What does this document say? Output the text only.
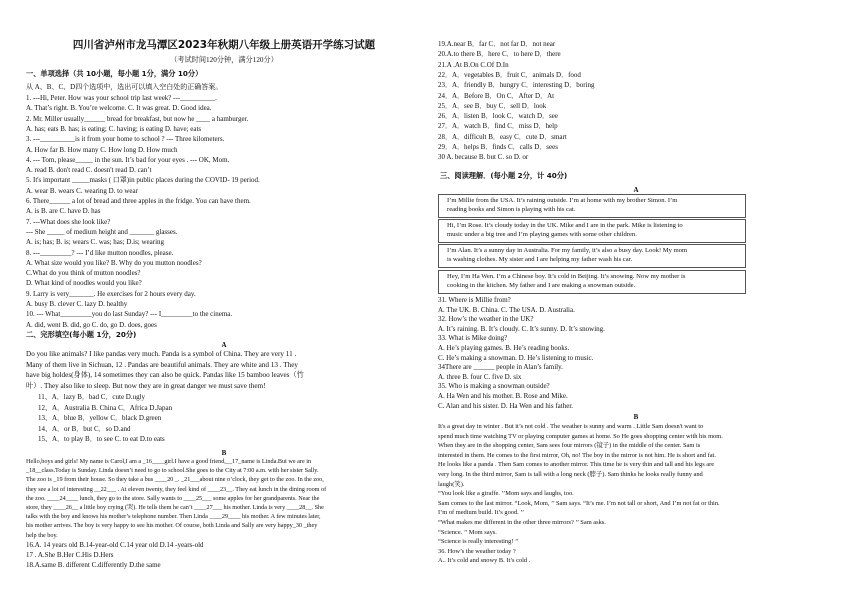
四川省泸州市龙马潭区2023年秋期八年级上册英语开学练习试题
（考试时间120分钟，满分120分）
一、单项选择（共 10小题，每小题 1分，满分 10分）
从 A、B、C、D四个选项中，选出可以填入空白处的正确答案。
1. ---Hi, Peter. How was your school trip last week? ---__________.
A. That’s right. B. You’re welcome. C. It was great. D. Good idea.
2. Mr. Miller usually______ bread for breakfast, but now he ____ a hamburger.
A. has; eats B. has; is eating; C. having; is eating D. have; eats
3. ---__________is it from your home to school ? --- Three kilometers.
A. How far B. How many C. How long D. How much
4. --- Tom, please_____ in the sun. It’s bad for your eyes . --- OK, Mom.
A. read B. don't read C. doesn't read D. can’t
5. It's important _____masks ( 口罩)in public places during the COVID- 19 period.
A. wear B. wears C. wearing D. to wear
6. There______ a lot of bread and three apples in the fridge. You can have them.
A. is B. are C. have D. has
7. ---What does she look like?
--- She _____ of medium height and _______ glasses.
A. is; has; B. is; wears C. was; has; D.is; wearing
8. ---_________? --- I’d like mutton noodles, please.
A. What size would you like? B. Why do you mutton noodles?
C.What do you think of mutton noodles?
D. What kind of noodles would you like?
9. Larry is very_______. He exercises for 2 hours every day.
A. busy B. clever C. lazy D. healthy
10. --- What_________you do last Sunday? --- I_________to the cinema.
A. did, went B. did, go C. do, go D. does, goes
二、完形填空(每小题 1分，20分)
A
Do you like animals? I like pandas very much. Panda is a symbol of China. They are very 11 .
Many of them live in Sichuan, 12 . Pandas are beautiful animals. They are white and 13 . They
have big holdes(身体), 14 sometimes they can also be quick. Pandas like 15 bamboo leaves（竹
叶）. They also like to sleep. But now they are in great danger we must save them!
11、A．lazy B．bad C．cute D.ugly
12、A．Australia B. China C．Africa D.Japan
13、A．blue B．yellow C．black D.green
14、A．or B．but C．so D.and
15、A．to play B．to see C. to eat D.to eats
B
Hello,boys and girls! My name is Carol,I am a _16____girl.I have a good friend,__17_name is Linda.But we are in
_18__class.Today is Sunday. Linda doesn’t need to go to school.She goes to the City at 7:00 a.m. with her sister Sally.
The zoo is _19 from their house. So they take a bus ____20 _. _21___about nine o’clock, they get to the zoo. In the zoo,
they see a lot of interesting __22___ . At eleven twenty, they feel kind of ____23__. They eat lunch in the dining room of
the zoo. ____24____ lunch, they go to the store. Sally wants to ____25___ some apples for her grandparents. Near the
store, they ____26__ a little boy crying (哭). He tells them he can’t ____27___ his mother. Linda is very ____28__. She
talks with the boy and knows his mother’s telephone number. Then Linda ____29____ his mother. A few minutes later,
his mother arrives. The boy is very happy to see his mother. Of course, both Linda and Sally are very happy_30 _they
help the boy.
16.A. 14 years old B.14-year-old C.14 year old D.14 -years-old
17 . A.She B.Her C.His D.Hers
18.A.same B. different C.differently D.the same
19.A.near B．far C．not far D．not near
20.A.to there B．here C．to here D．there
21.A .At B.On C.Of D.In
22．A．vegetables B．fruit C．animals D．food
23．A．friendly B．hungry C．interesting D．boring
24．A．Before B．On C．After D．At
25．A．see B．buy C．sell D．look
26．A．listen B．look C．watch D．see
27．A．watch B．find C．miss D．help
28．A．difficult B．easy C．cute D．smart
29．A．helps B．finds C．calls D．sees
30 A. because B. but C. so D. or
三、阅读理解．(每小题 2分，计 40分)
A
I’m Millie from the USA. It’s raining outside. I’m at home with my brother Simon. I’m
reading books and Simon is playing with his cat.
Hi, I’m Rose. It’s cloudy today in the UK. Mike and I are in the park. Mike is listening to
music under a big tree and I’m playing games with some other children.
I’m Alan. It’s a sunny day in Australia. For my family, it’s also a busy day. Look! My mom
is washing clothes. My sister and I are helping my father wash his car.
Hey, I’m Ha Wen. I’m a Chinese boy. It’s cold in Beijing. It’s snowing. Now my mother is
cooking in the kitchen. My father and I are making a snowman outside.
31. Where is Millie from?
A. The UK. B. China. C. The USA. D. Australia.
32. How’s the weather in the UK?
A. It’s raining. B. It’s cloudy. C. It’s sunny. D. It’s snowing.
33. What is Mike doing?
A. He’s playing games. B. He’s reading books.
C. He’s making a snowman. D. He’s listening to music.
34There are ______ people in Alan’s family.
A. three B. four C. five D. six
35. Who is making a snowman outside?
A. Ha Wen and his mother. B. Rose and Mike.
C. Alan and his sister. D. Ha Wen and his father.
B
It's a great day in winter . But it’s not cold . The weather is sunny and warm . Little Sam doesn't want to
spend much time watching TV or playing computer games at home. So He goes shopping center with his mom.
When they are in the shopping center, Sam sees four mirrors (镜子) in the middle of the center. Sam is
interested in them. He comes to the first mirror, Oh, no! The boy in the mirror is not him. He is short and fat.
He looks like a panda . Then Sam comes to another mirror. This time he is very thin and tall and his legs are
very long. In the third mirror, Sam is tall with a long neck (脖子). Sam thinks he looks really funny and
laugh(笑).
“You look like a giraffe. ’’Mom says and laughs, too.
Sam comes to the last mirror. “Look, Mom, ’’ Sam says. “It’s me. I’m not tall or short, And I’m not fat or thin.
I’m of medium build. It’s good. ’’
“What makes me different in the other three mirrors? ’’ Sam asks.
“Science. ’’ Mom says.
“Science is really interesting! ’’
36. How’s the weather today ?
A.. It’s cold and snowy B. It’s cold .
